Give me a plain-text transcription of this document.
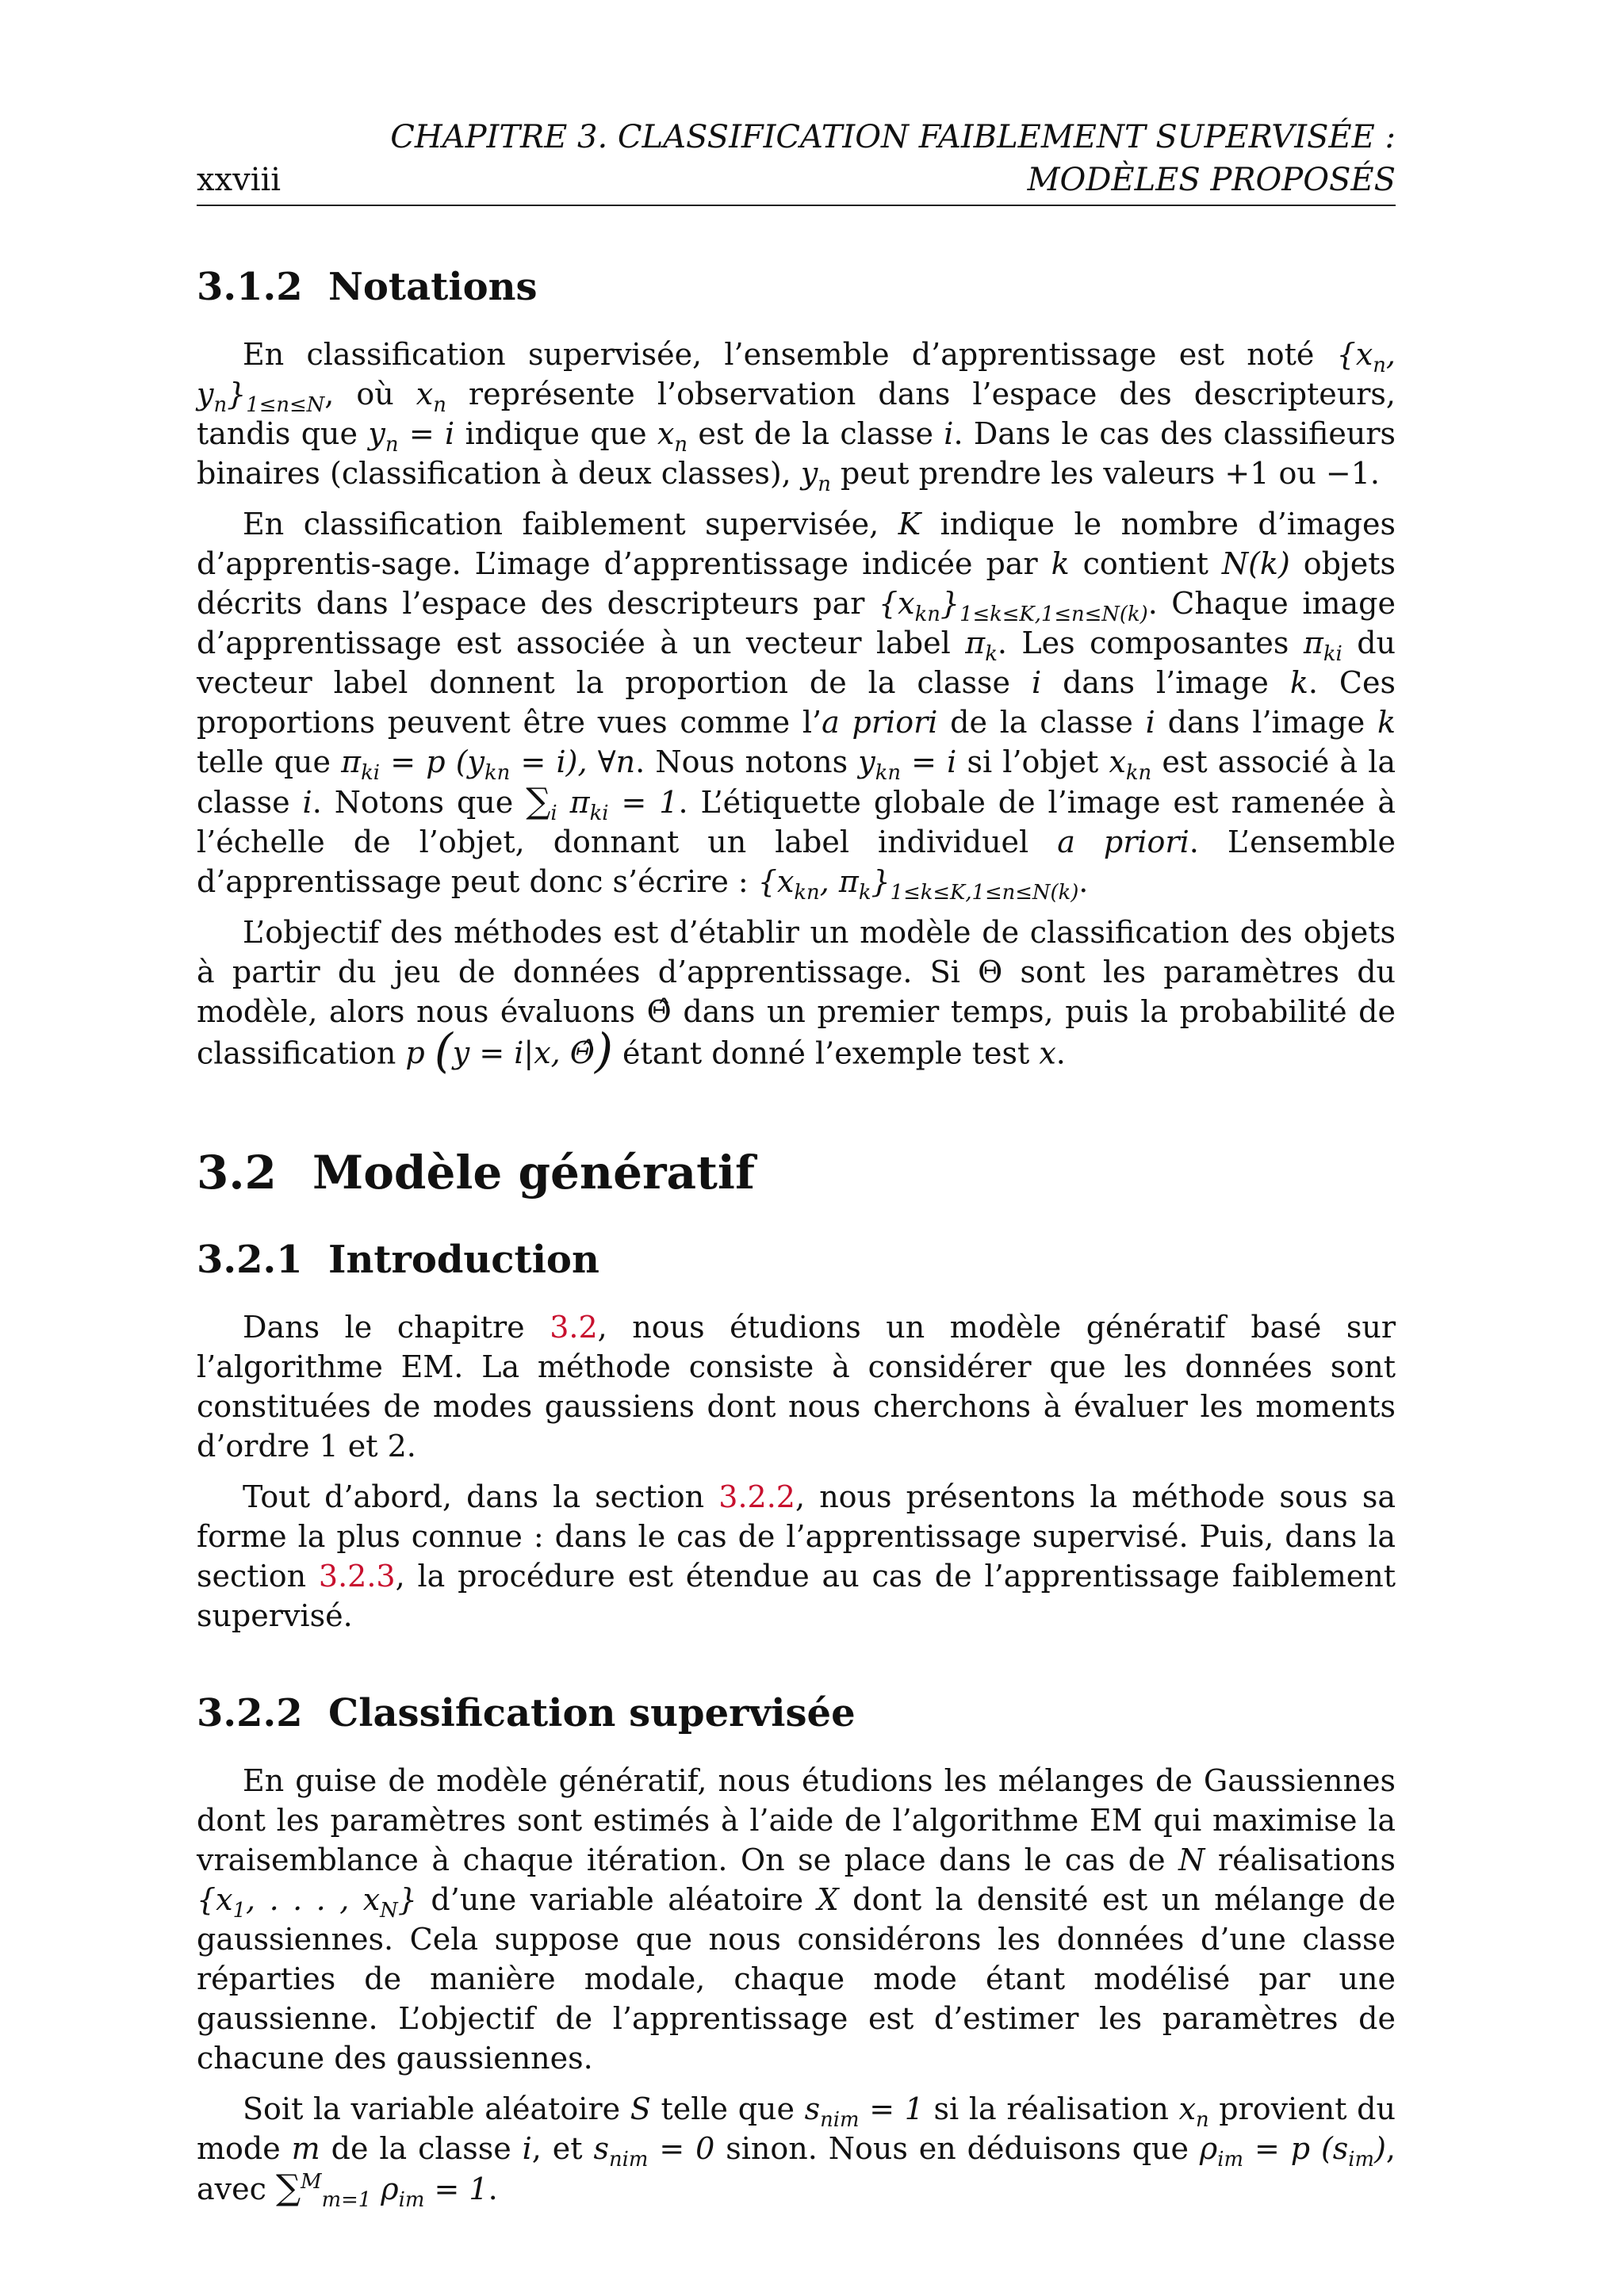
CHAPITRE 3. CLASSIFICATION FAIBLEMENT SUPERVISÉE :
xxviii	MODÈLES PROPOSÉS
3.1.2 Notations

En classification supervisée, l’ensemble d’apprentissage est noté {$x_n$, $y_n\}_{1\le n\le N}$, où $x_n$ représente l’observation dans l’espace des descripteurs, tandis que $y_n = i$ indique que $x_n$ est de la classe i. Dans le cas des classifieurs binaires (classification à deux classes), $y_n$ peut prendre les valeurs +1 ou −1.

En classification faiblement supervisée, K indique le nombre d’images d’apprentis-sage. L’image d’apprentissage indicée par k contient N(k) objets décrits dans l’espace des descripteurs par $\{x_{kn}\}_{1\le k\le K,1\le n\le N(k)}$. Chaque image d’apprentissage est associée à un vecteur label $\pi_k$. Les composantes $\pi_{ki}$ du vecteur label donnent la proportion de la classe i dans l’image k. Ces proportions peuvent être vues comme l’a priori de la classe i dans l’image k telle que $\pi_{ki} = p$ $(y_{kn} = i)$, ∀n. Nous notons $y_{kn} = i$ si l’objet $x_{kn}$ est associé à la classe i. Notons que $\sum_i$ $\pi_{ki} = 1$. L’étiquette globale de l’image est ramenée à l’échelle de l’objet, donnant un label individuel a priori. L’ensemble d’apprentissage peut donc s’écrire : {$x_{kn}$, $\pi_k\}_{1\le k\le K,1\le n\le N(k)}$.

L’objectif des méthodes est d’établir un modèle de classification des objets à partir du jeu de données d’apprentissage. Si Θ sont les paramètres du modèle, alors nous évaluons Θ̂ dans un premier temps, puis la probabilité de classification p (y = i|x, Θ̂) étant donné l’exemple test x.

3.2 Modèle génératif
3.2.1 Introduction

Dans le chapitre 3.2, nous étudions un modèle génératif basé sur l’algorithme EM. La méthode consiste à considérer que les données sont constituées de modes gaussiens dont nous cherchons à évaluer les moments d’ordre 1 et 2.

Tout d’abord, dans la section 3.2.2, nous présentons la méthode sous sa forme la plus connue : dans le cas de l’apprentissage supervisé. Puis, dans la section 3.2.3, la procédure est étendue au cas de l’apprentissage faiblement supervisé.

3.2.2 Classification supervisée

En guise de modèle génératif, nous étudions les mélanges de Gaussiennes dont les paramètres sont estimés à l’aide de l’algorithme EM qui maximise la vraisemblance à chaque itération. On se place dans le cas de N réalisations {$x_1$, . . . , $x_N$} d’une variable aléatoire X dont la densité est un mélange de gaussiennes. Cela suppose que nous considérons les données d’une classe réparties de manière modale, chaque mode étant modélisé par une gaussienne. L’objectif de l’apprentissage est d’estimer les paramètres de chacune des gaussiennes.

Soit la variable aléatoire S telle que $s_{nim} = 1$ si la réalisation $x_n$ provient du mode m de la classe i, et $s_{nim} = 0$ sinon. Nous en déduisons que $\rho_{im} = p$ $(s_{im})$, avec ∑$^M_{m=1}$ $\rho_{im} = 1$.
